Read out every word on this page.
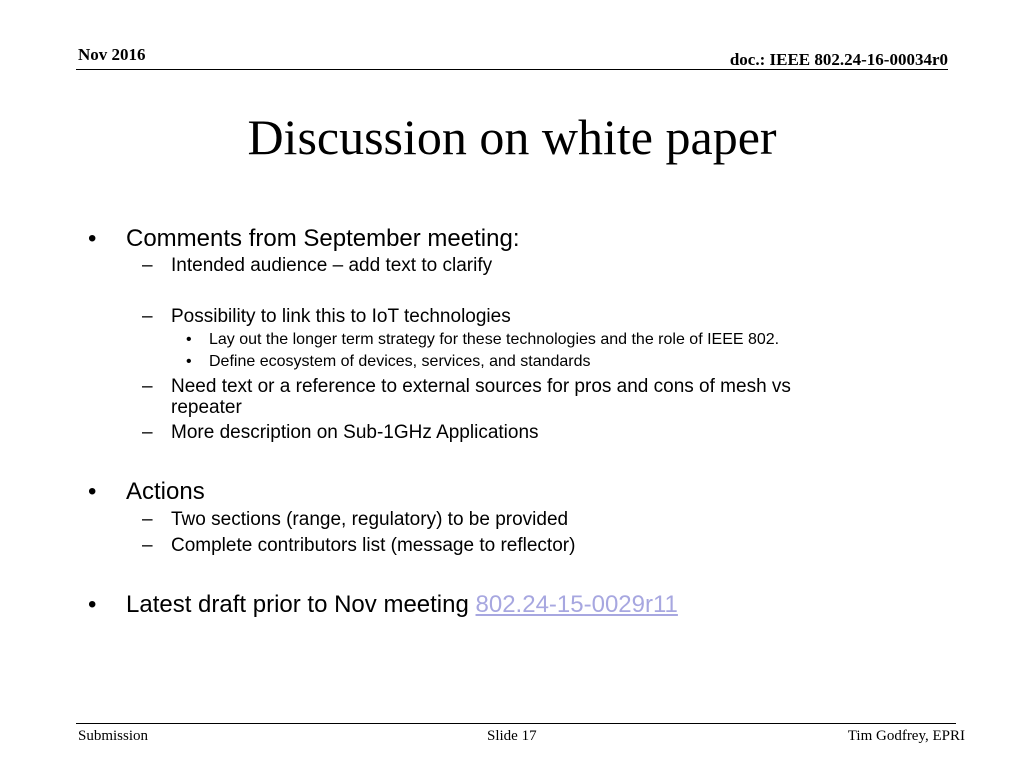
Nov 2016	doc.: IEEE 802.24-16-00034r0
Discussion on white paper
• Comments from September meeting:
– Intended audience – add text to clarify
– Possibility to link this to IoT technologies
• Lay out the longer term strategy for these technologies and the role of IEEE 802.
• Define ecosystem of devices, services, and standards
– Need text or a reference to external sources for pros and cons of mesh vs
repeater
– More description on Sub-1GHz Applications
• Actions
– Two sections (range, regulatory) to be provided
– Complete contributors list (message to reflector)
• Latest draft prior to Nov meeting 802.24-15-0029r11
Submission	Slide 17	Tim Godfrey, EPRI
